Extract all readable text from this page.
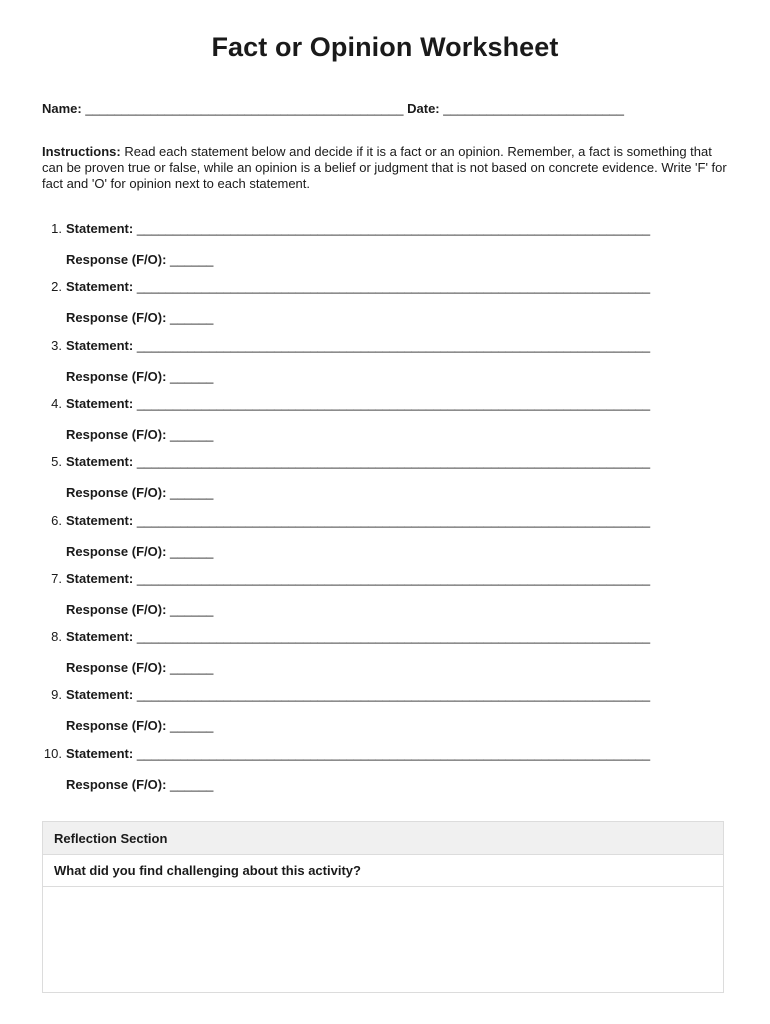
Fact or Opinion Worksheet
Name: ____________________________________________ Date: _________________________
Instructions: Read each statement below and decide if it is a fact or an opinion. Remember, a fact is something that can be proven true or false, while an opinion is a belief or judgment that is not based on concrete evidence. Write 'F' for fact and 'O' for opinion next to each statement.
1. Statement: _______________________________________________________________________
Response (F/O): ______
2. Statement: _______________________________________________________________________
Response (F/O): ______
3. Statement: _______________________________________________________________________
Response (F/O): ______
4. Statement: _______________________________________________________________________
Response (F/O): ______
5. Statement: _______________________________________________________________________
Response (F/O): ______
6. Statement: _______________________________________________________________________
Response (F/O): ______
7. Statement: _______________________________________________________________________
Response (F/O): ______
8. Statement: _______________________________________________________________________
Response (F/O): ______
9. Statement: _______________________________________________________________________
Response (F/O): ______
10. Statement: _______________________________________________________________________
Response (F/O): ______
Reflection Section
What did you find challenging about this activity?
